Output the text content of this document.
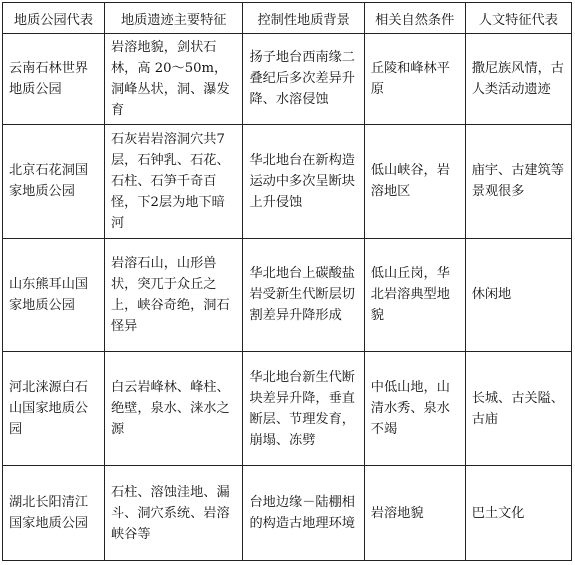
地质公园代表	地质遗迹主要特征	控制性地质背景	相关自然条件	人文特征代表
云南石林世界地质公园	岩溶地貌，剑状石林，高 20～50m，洞峰丛状，洞、瀑发育	扬子地台西南缘二叠纪后多次差异升降、水溶侵蚀	丘陵和峰林平原	撒尼族风情，古人类活动遗迹
北京石花洞国家地质公园	石灰岩岩溶洞穴共7层，石钟乳、石花、石柱、石笋千奇百怪，下2层为地下暗河	华北地台在新构造运动中多次呈断块上升侵蚀	低山峡谷，岩溶地区	庙宇、古建筑等景观很多
山东熊耳山国家地质公园	岩溶石山，山形兽状，突兀于众丘之上，峡谷奇绝，洞石怪异	华北地台上碳酸盐岩受新生代断层切割差异升降形成	低山丘岗，华北岩溶典型地貌	休闲地
河北涞源白石山国家地质公园	白云岩峰林、峰柱、绝壁，泉水、涞水之源	华北地台新生代断块差异升降，垂直断层、节理发育，崩塌、冻劈	中低山地，山清水秀、泉水不竭	长城、古关隘、古庙
湖北长阳清江国家地质公园	石柱、溶蚀洼地、漏斗、洞穴系统、岩溶峡谷等	台地边缘－陆棚相的构造古地理环境	岩溶地貌	巴土文化
